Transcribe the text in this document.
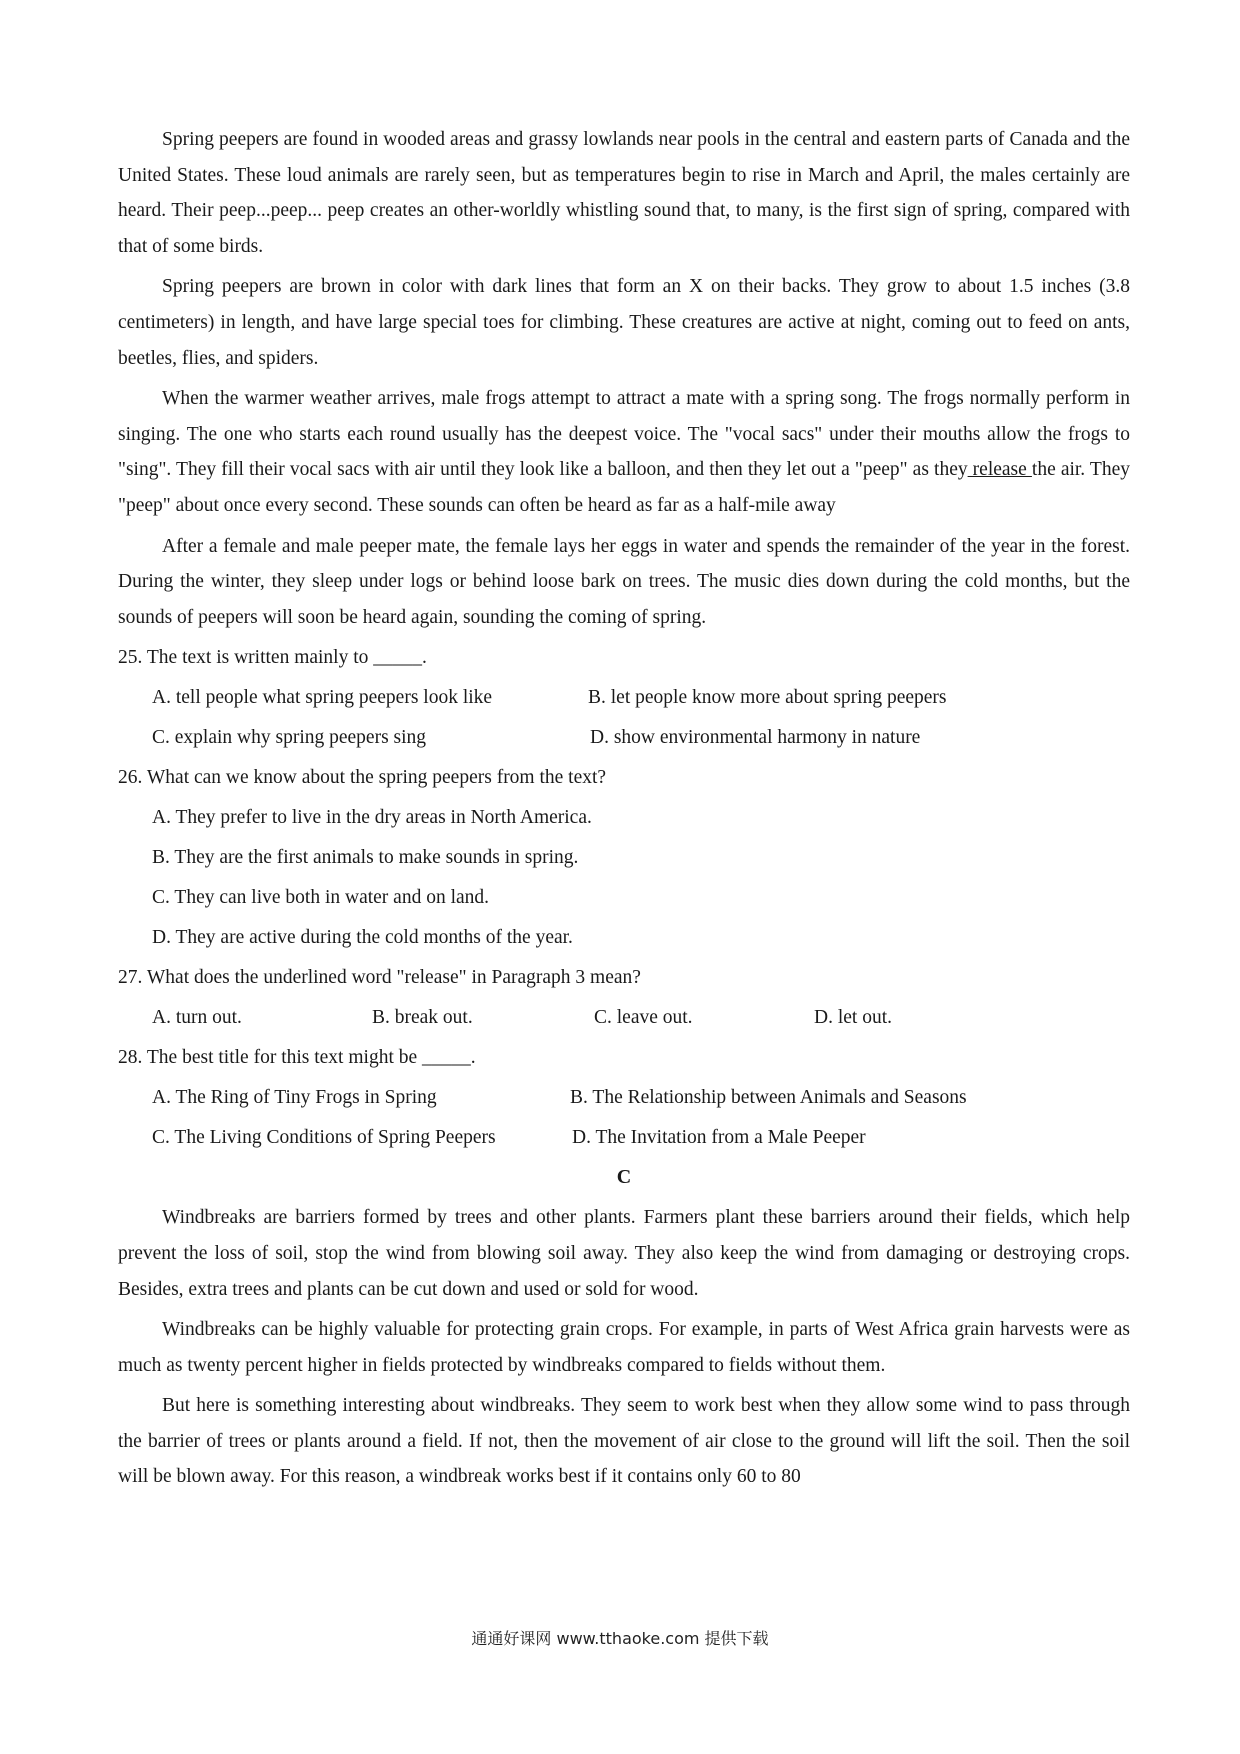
Spring peepers are found in wooded areas and grassy lowlands near pools in the central and eastern parts of Canada and the United States. These loud animals are rarely seen, but as temperatures begin to rise in March and April, the males certainly are heard. Their peep...peep... peep creates an other-worldly whistling sound that, to many, is the first sign of spring, compared with that of some birds.

Spring peepers are brown in color with dark lines that form an X on their backs. They grow to about 1.5 inches (3.8 centimeters) in length, and have large special toes for climbing. These creatures are active at night, coming out to feed on ants, beetles, flies, and spiders.

When the warmer weather arrives, male frogs attempt to attract a mate with a spring song. The frogs normally perform in singing. The one who starts each round usually has the deepest voice. The "vocal sacs" under their mouths allow the frogs to "sing". They fill their vocal sacs with air until they look like a balloon, and then they let out a "peep" as they release the air. They "peep" about once every second. These sounds can often be heard as far as a half-mile away

After a female and male peeper mate, the female lays her eggs in water and spends the remainder of the year in the forest. During the winter, they sleep under logs or behind loose bark on trees. The music dies down during the cold months, but the sounds of peepers will soon be heard again, sounding the coming of spring.

25. The text is written mainly to _____.
A. tell people what spring peepers look like	B. let people know more about spring peepers
C. explain why spring peepers sing	D. show environmental harmony in nature
26. What can we know about the spring peepers from the text?
A. They prefer to live in the dry areas in North America.
B. They are the first animals to make sounds in spring.
C. They can live both in water and on land.
D. They are active during the cold months of the year.
27. What does the underlined word "release" in Paragraph 3 mean?
A. turn out.	B. break out.	C. leave out.	D. let out.
28. The best title for this text might be _____.
A. The Ring of Tiny Frogs in Spring	B. The Relationship between Animals and Seasons
C. The Living Conditions of Spring Peepers	D. The Invitation from a Male Peeper
C

Windbreaks are barriers formed by trees and other plants. Farmers plant these barriers around their fields, which help prevent the loss of soil, stop the wind from blowing soil away. They also keep the wind from damaging or destroying crops. Besides, extra trees and plants can be cut down and used or sold for wood.

Windbreaks can be highly valuable for protecting grain crops. For example, in parts of West Africa grain harvests were as much as twenty percent higher in fields protected by windbreaks compared to fields without them.

But here is something interesting about windbreaks. They seem to work best when they allow some wind to pass through the barrier of trees or plants around a field. If not, then the movement of air close to the ground will lift the soil. Then the soil will be blown away. For this reason, a windbreak works best if it contains only 60 to 80

通通好课网 www.tthaoke.com 提供下载
